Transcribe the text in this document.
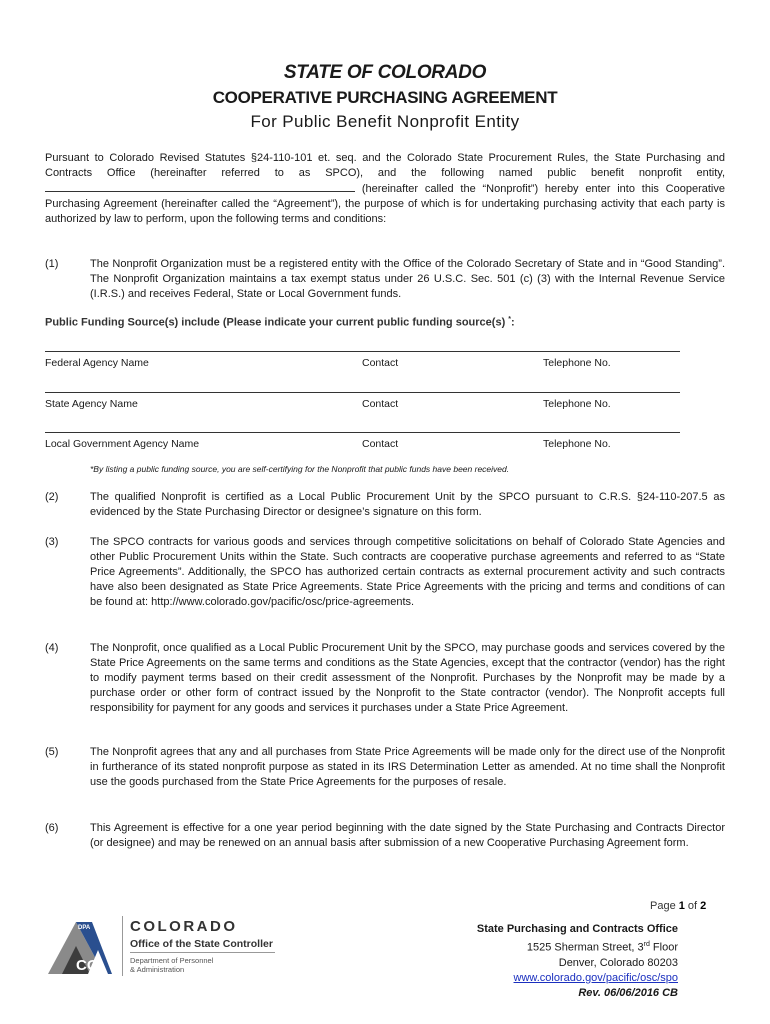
STATE OF COLORADO
COOPERATIVE PURCHASING AGREEMENT
For Public Benefit Nonprofit Entity

Pursuant to Colorado Revised Statutes §24-110-101 et. seq. and the Colorado State Procurement Rules, the State Purchasing and Contracts Office (hereinafter referred to as SPCO), and the following named public benefit nonprofit entity,  (hereinafter called the “Nonprofit”) hereby enter into this Cooperative Purchasing Agreement (hereinafter called the “Agreement”), the purpose of which is for undertaking purchasing activity that each party is authorized by law to perform, upon the following terms and conditions:

(1)	The Nonprofit Organization must be a registered entity with the Office of the Colorado Secretary of State and in “Good Standing”. The Nonprofit Organization maintains a tax exempt status under 26 U.S.C. Sec. 501 (c) (3) with the Internal Revenue Service (I.R.S.) and receives Federal, State or Local Government funds.
Public Funding Source(s) include (Please indicate your current public funding source(s) *:
Federal Agency Name	Contact	Telephone No.
State Agency Name	Contact	Telephone No.
Local Government Agency Name	Contact	Telephone No.
*By listing a public funding source, you are self-certifying for the Nonprofit that public funds have been received.
(2)	The qualified Nonprofit is certified as a Local Public Procurement Unit by the SPCO pursuant to C.R.S. §24-110-207.5 as evidenced by the State Purchasing Director or designee’s signature on this form.
(3)	The SPCO contracts for various goods and services through competitive solicitations on behalf of Colorado State Agencies and other Public Procurement Units within the State. Such contracts are cooperative purchase agreements and referred to as “State Price Agreements”. Additionally, the SPCO has authorized certain contracts as external procurement activity and such contracts have also been designated as State Price Agreements. State Price Agreements with the pricing and terms and conditions of can be found at: http://www.colorado.gov/pacific/osc/price-agreements.
(4)	The Nonprofit, once qualified as a Local Public Procurement Unit by the SPCO, may purchase goods and services covered by the State Price Agreements on the same terms and conditions as the State Agencies, except that the contractor (vendor) has the right to modify payment terms based on their credit assessment of the Nonprofit. Purchases by the Nonprofit may be made by a purchase order or other form of contract issued by the Nonprofit to the State contractor (vendor). The Nonprofit accepts full responsibility for payment for any goods and services it purchases under a State Price Agreement.
(5)	The Nonprofit agrees that any and all purchases from State Price Agreements will be made only for the direct use of the Nonprofit in furtherance of its stated nonprofit purpose as stated in its IRS Determination Letter as amended. At no time shall the Nonprofit use the goods purchased from the State Price Agreements for the purposes of resale.
(6)	This Agreement is effective for a one year period beginning with the date signed by the State Purchasing and Contracts Director (or designee) and may be renewed on an annual basis after submission of a new Cooperative Purchasing Agreement form.
Page 1 of 2
CO
DPA	COLORADO
Office of the State Controller
Department of Personnel
& Administration
State Purchasing and Contracts Office
1525 Sherman Street, 3rd Floor
Denver, Colorado 80203
www.colorado.gov/pacific/osc/spo
Rev. 06/06/2016 CB
